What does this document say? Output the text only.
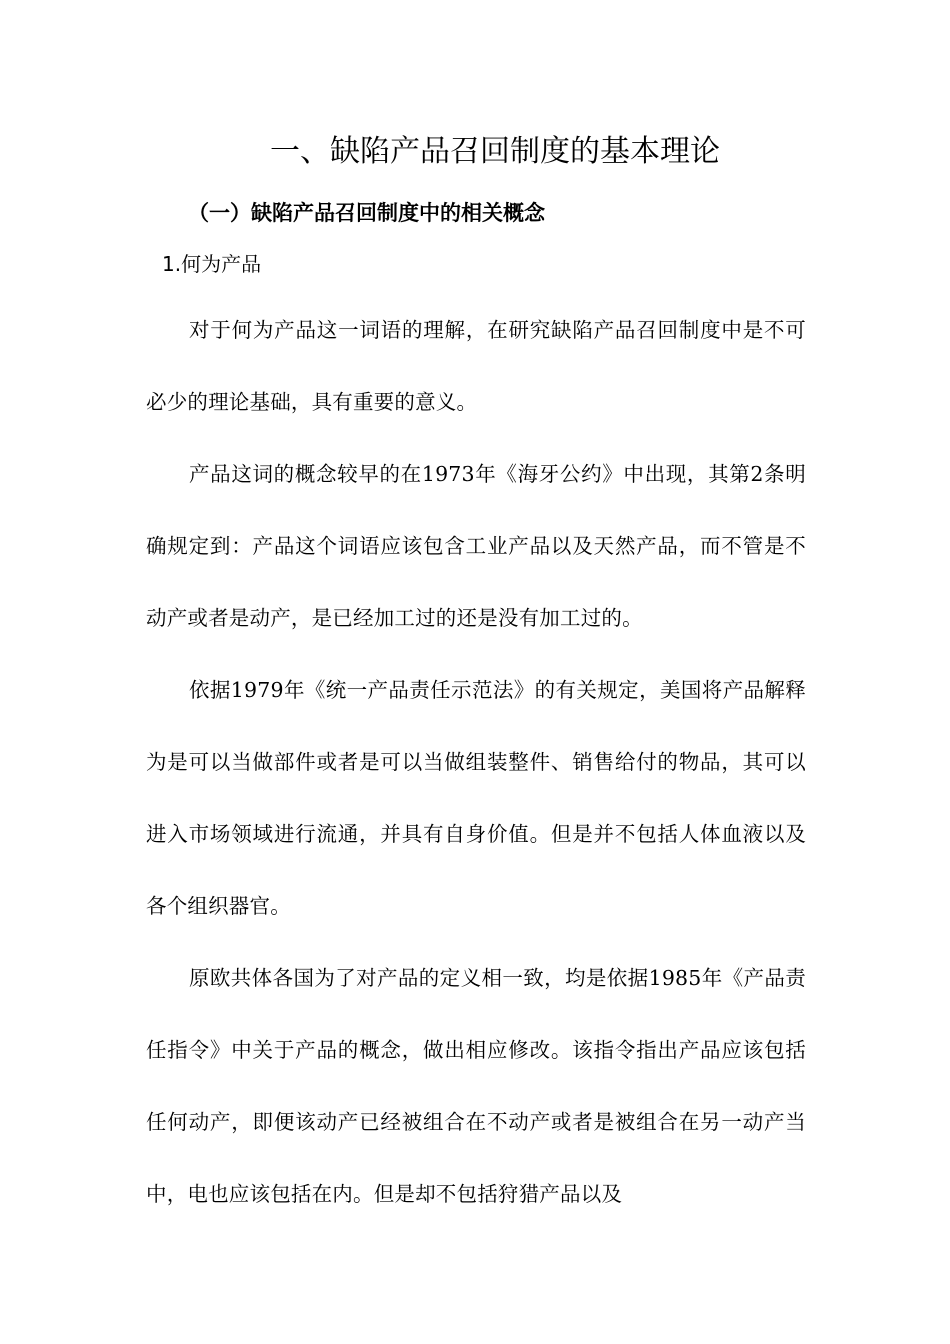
一、缺陷产品召回制度的基本理论
（一）缺陷产品召回制度中的相关概念
1.何为产品

对于何为产品这一词语的理解，在研究缺陷产品召回制度中是不可必少的理论基础，具有重要的意义。

产品这词的概念较早的在1973年《海牙公约》中出现，其第2条明确规定到：产品这个词语应该包含工业产品以及天然产品，而不管是不动产或者是动产，是已经加工过的还是没有加工过的。

依据1979年《统一产品责任示范法》的有关规定，美国将产品解释为是可以当做部件或者是可以当做组装整件、销售给付的物品，其可以进入市场领域进行流通，并具有自身价值。但是并不包括人体血液以及各个组织器官。

原欧共体各国为了对产品的定义相一致，均是依据1985年《产品责任指令》中关于产品的概念，做出相应修改。该指令指出产品应该包括任何动产，即便该动产已经被组合在不动产或者是被组合在另一动产当中，电也应该包括在内。但是却不包括狩猎产品以及
